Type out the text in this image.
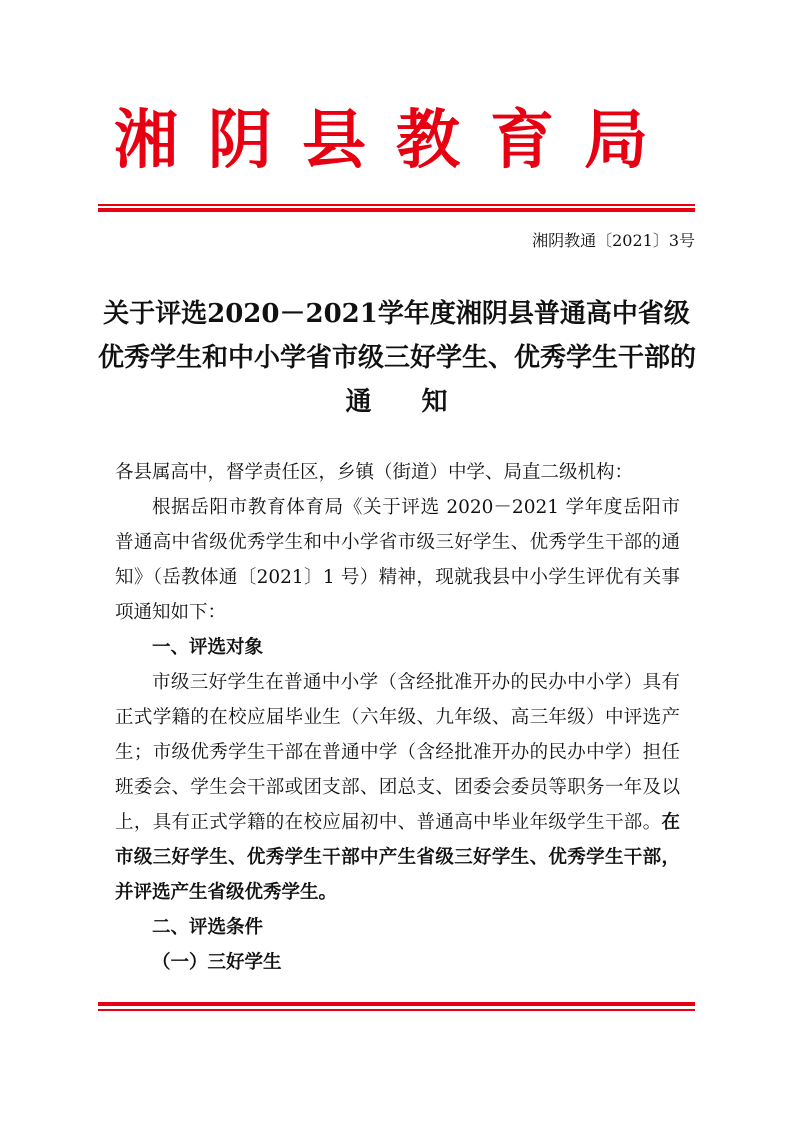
湘阴县教育局
湘阴教通〔2021〕3号
关于评选2020－2021学年度湘阴县普通高中省级
优秀学生和中小学省市级三好学生、优秀学生干部的
通知

各县属高中，督学责任区，乡镇（街道）中学、局直二级机构：

根据岳阳市教育体育局《关于评选 2020－2021 学年度岳阳市普通高中省级优秀学生和中小学省市级三好学生、优秀学生干部的通知》（岳教体通〔2021〕1 号）精神，现就我县中小学生评优有关事项通知如下：

一、评选对象

市级三好学生在普通中小学（含经批准开办的民办中小学）具有正式学籍的在校应届毕业生（六年级、九年级、高三年级）中评选产生；市级优秀学生干部在普通中学（含经批准开办的民办中学）担任班委会、学生会干部或团支部、团总支、团委会委员等职务一年及以上，具有正式学籍的在校应届初中、普通高中毕业年级学生干部。在市级三好学生、优秀学生干部中产生省级三好学生、优秀学生干部，并评选产生省级优秀学生。

二、评选条件

（一）三好学生
